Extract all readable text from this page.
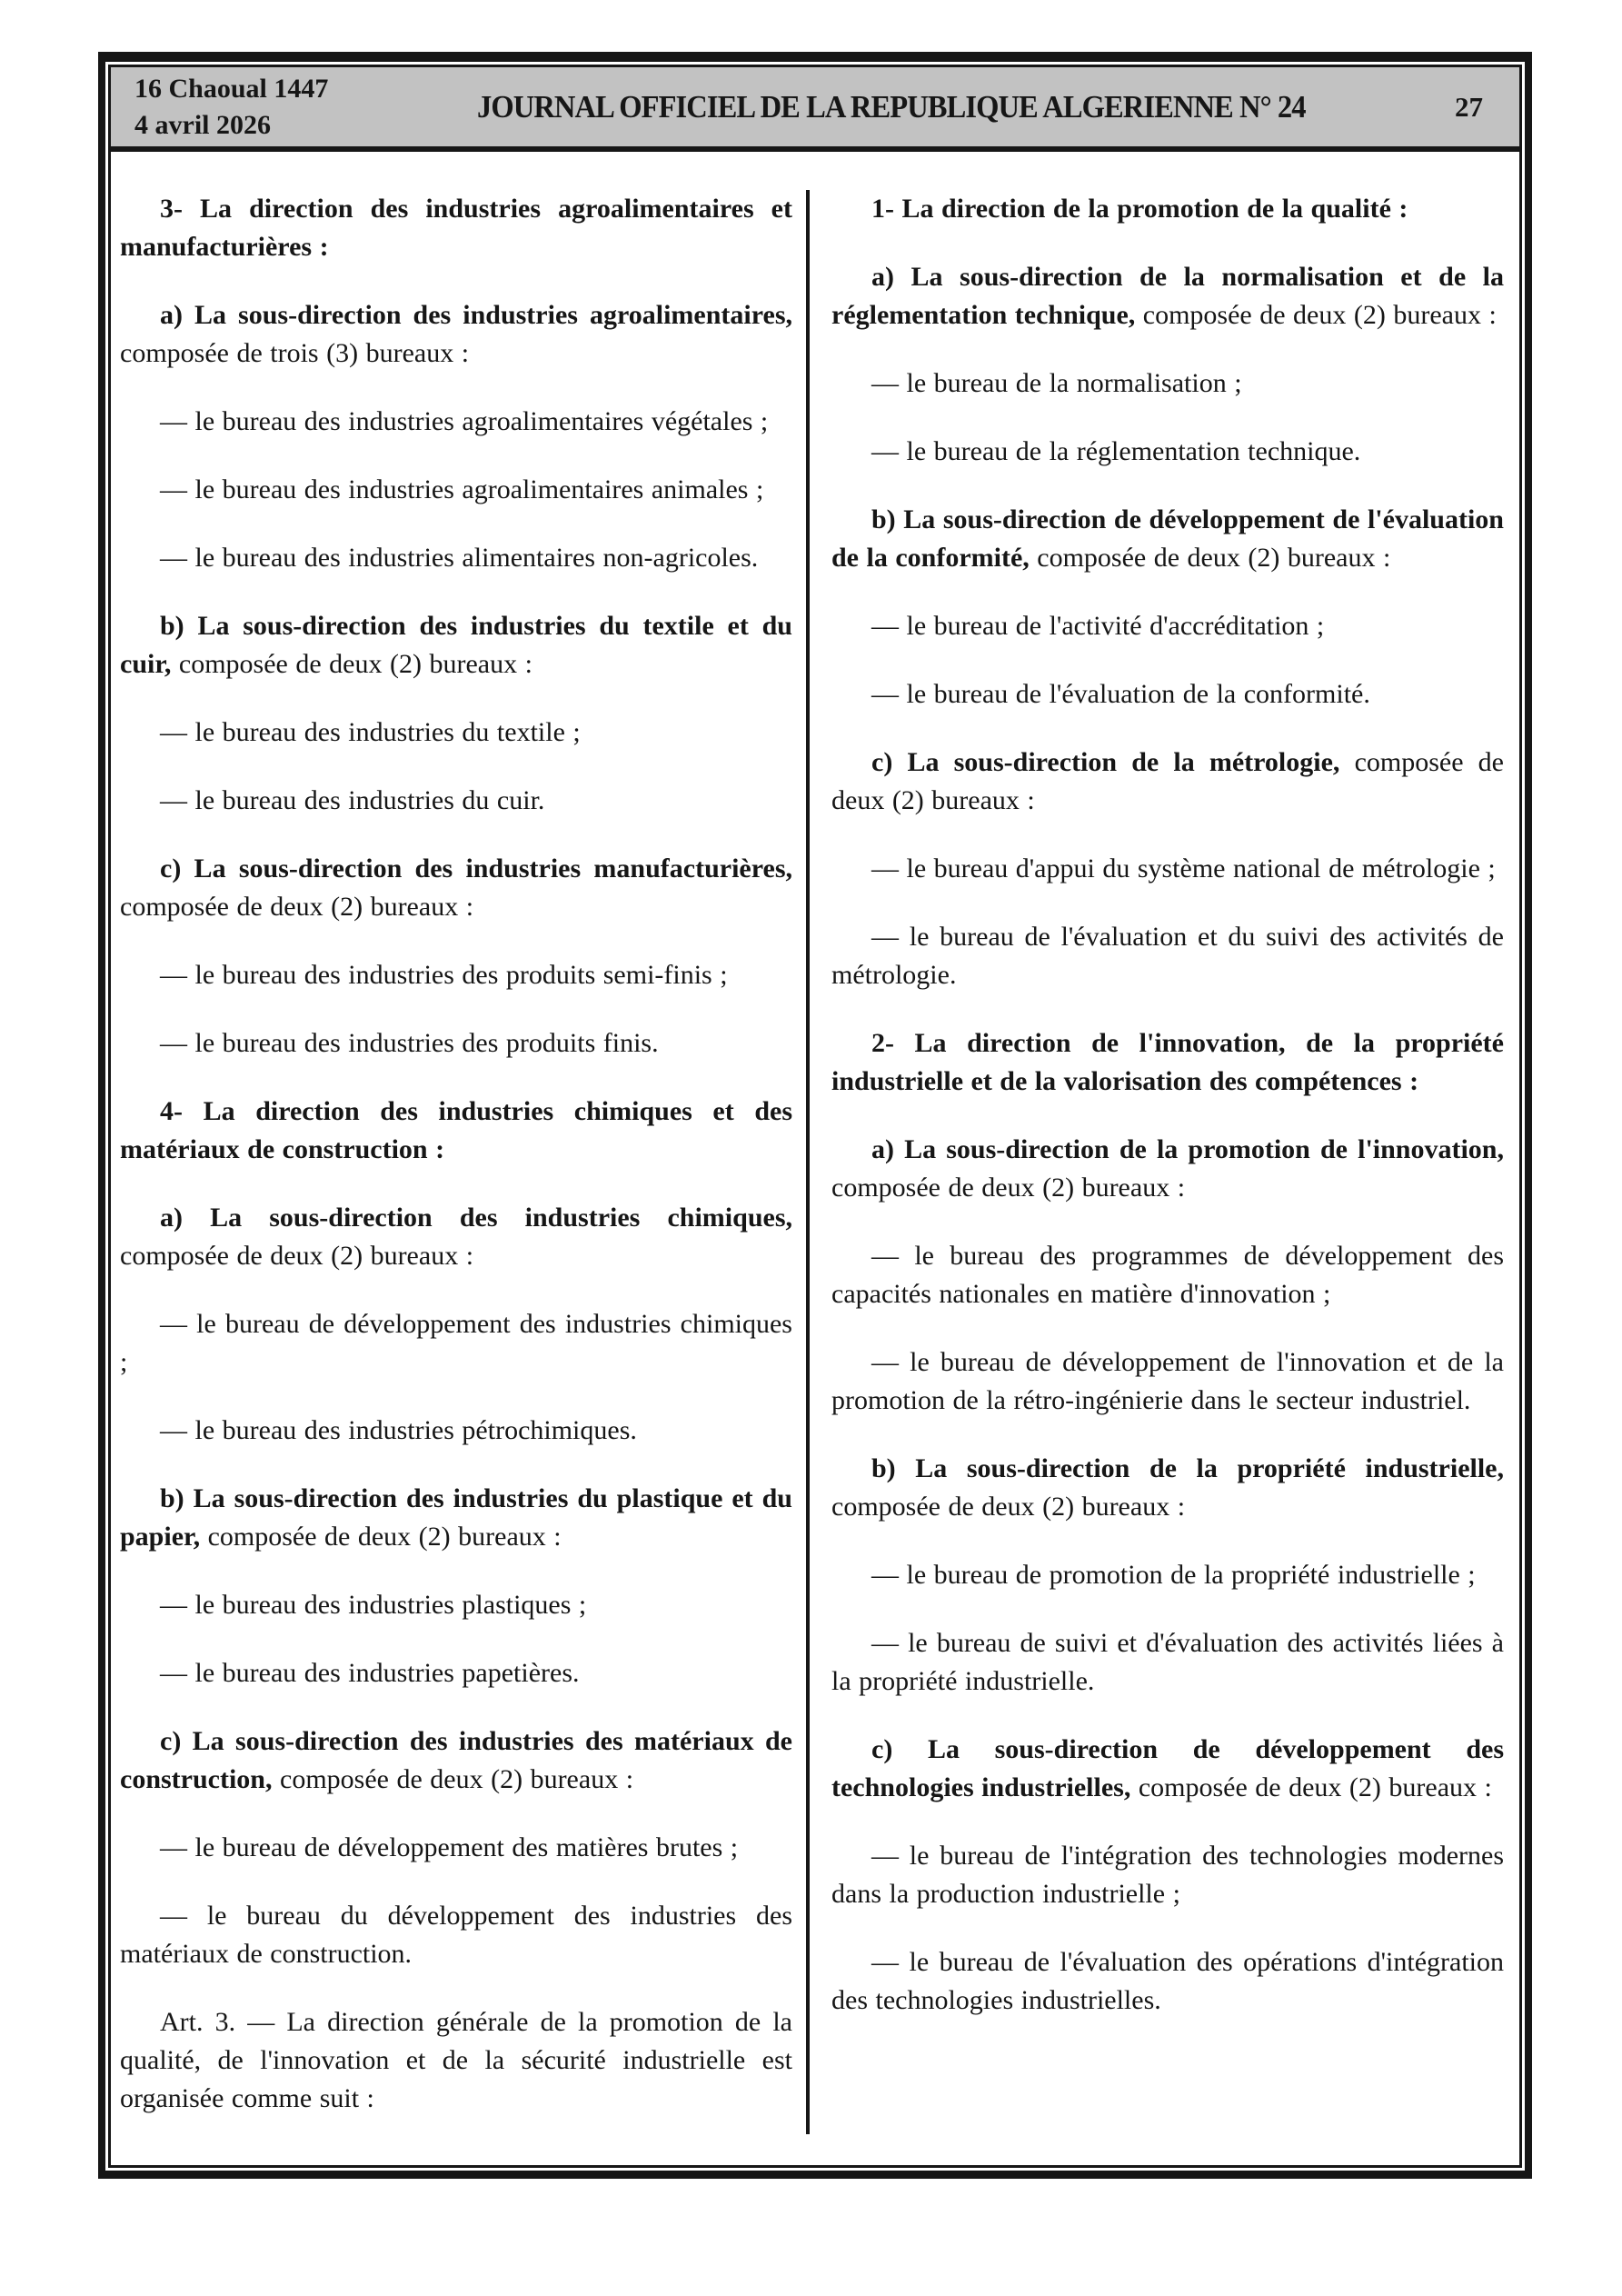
16 Chaoual 1447
4 avril 2026
JOURNAL OFFICIEL DE LA REPUBLIQUE ALGERIENNE N° 24	27

3- La direction des industries agroalimentaires et manufacturières :

a) La sous-direction des industries agroalimentaires, composée de trois (3) bureaux :

— le bureau des industries agroalimentaires végétales ;

— le bureau des industries agroalimentaires animales ;

— le bureau des industries alimentaires non-agricoles.

b) La sous-direction des industries du textile et du cuir, composée de deux (2) bureaux :

— le bureau des industries du textile ;

— le bureau des industries du cuir.

c) La sous-direction des industries manufacturières, composée de deux (2) bureaux :

— le bureau des industries des produits semi-finis ;

— le bureau des industries des produits finis.

4- La direction des industries chimiques et des matériaux de construction :

a) La sous-direction des industries chimiques, composée de deux (2) bureaux :

— le bureau de développement des industries chimiques ;

— le bureau des industries pétrochimiques.

b) La sous-direction des industries du plastique et du papier, composée de deux (2) bureaux :

— le bureau des industries plastiques ;

— le bureau des industries papetières.

c) La sous-direction des industries des matériaux de construction, composée de deux (2) bureaux :

— le bureau de développement des matières brutes ;

— le bureau du développement des industries des matériaux de construction.

Art. 3. — La direction générale de la promotion de la qualité, de l'innovation et de la sécurité industrielle est organisée comme suit :

1- La direction de la promotion de la qualité :

a) La sous-direction de la normalisation et de la réglementation technique, composée de deux (2) bureaux :

— le bureau de la normalisation ;

— le bureau de la réglementation technique.

b) La sous-direction de développement de l'évaluation de la conformité, composée de deux (2) bureaux :

— le bureau de l'activité d'accréditation ;

— le bureau de l'évaluation de la conformité.

c) La sous-direction de la métrologie, composée de deux (2) bureaux :

— le bureau d'appui du système national de métrologie ;

— le bureau de l'évaluation et du suivi des activités de métrologie.

2- La direction de l'innovation, de la propriété industrielle et de la valorisation des compétences :

a) La sous-direction de la promotion de l'innovation, composée de deux (2) bureaux :

— le bureau des programmes de développement des capacités nationales en matière d'innovation ;

— le bureau de développement de l'innovation et de la promotion de la rétro-ingénierie dans le secteur industriel.

b) La sous-direction de la propriété industrielle, composée de deux (2) bureaux :

— le bureau de promotion de la propriété industrielle ;

— le bureau de suivi et d'évaluation des activités liées à la propriété industrielle.

c) La sous-direction de développement des technologies industrielles, composée de deux (2) bureaux :

— le bureau de l'intégration des technologies modernes dans la production industrielle ;

— le bureau de l'évaluation des opérations d'intégration des technologies industrielles.
